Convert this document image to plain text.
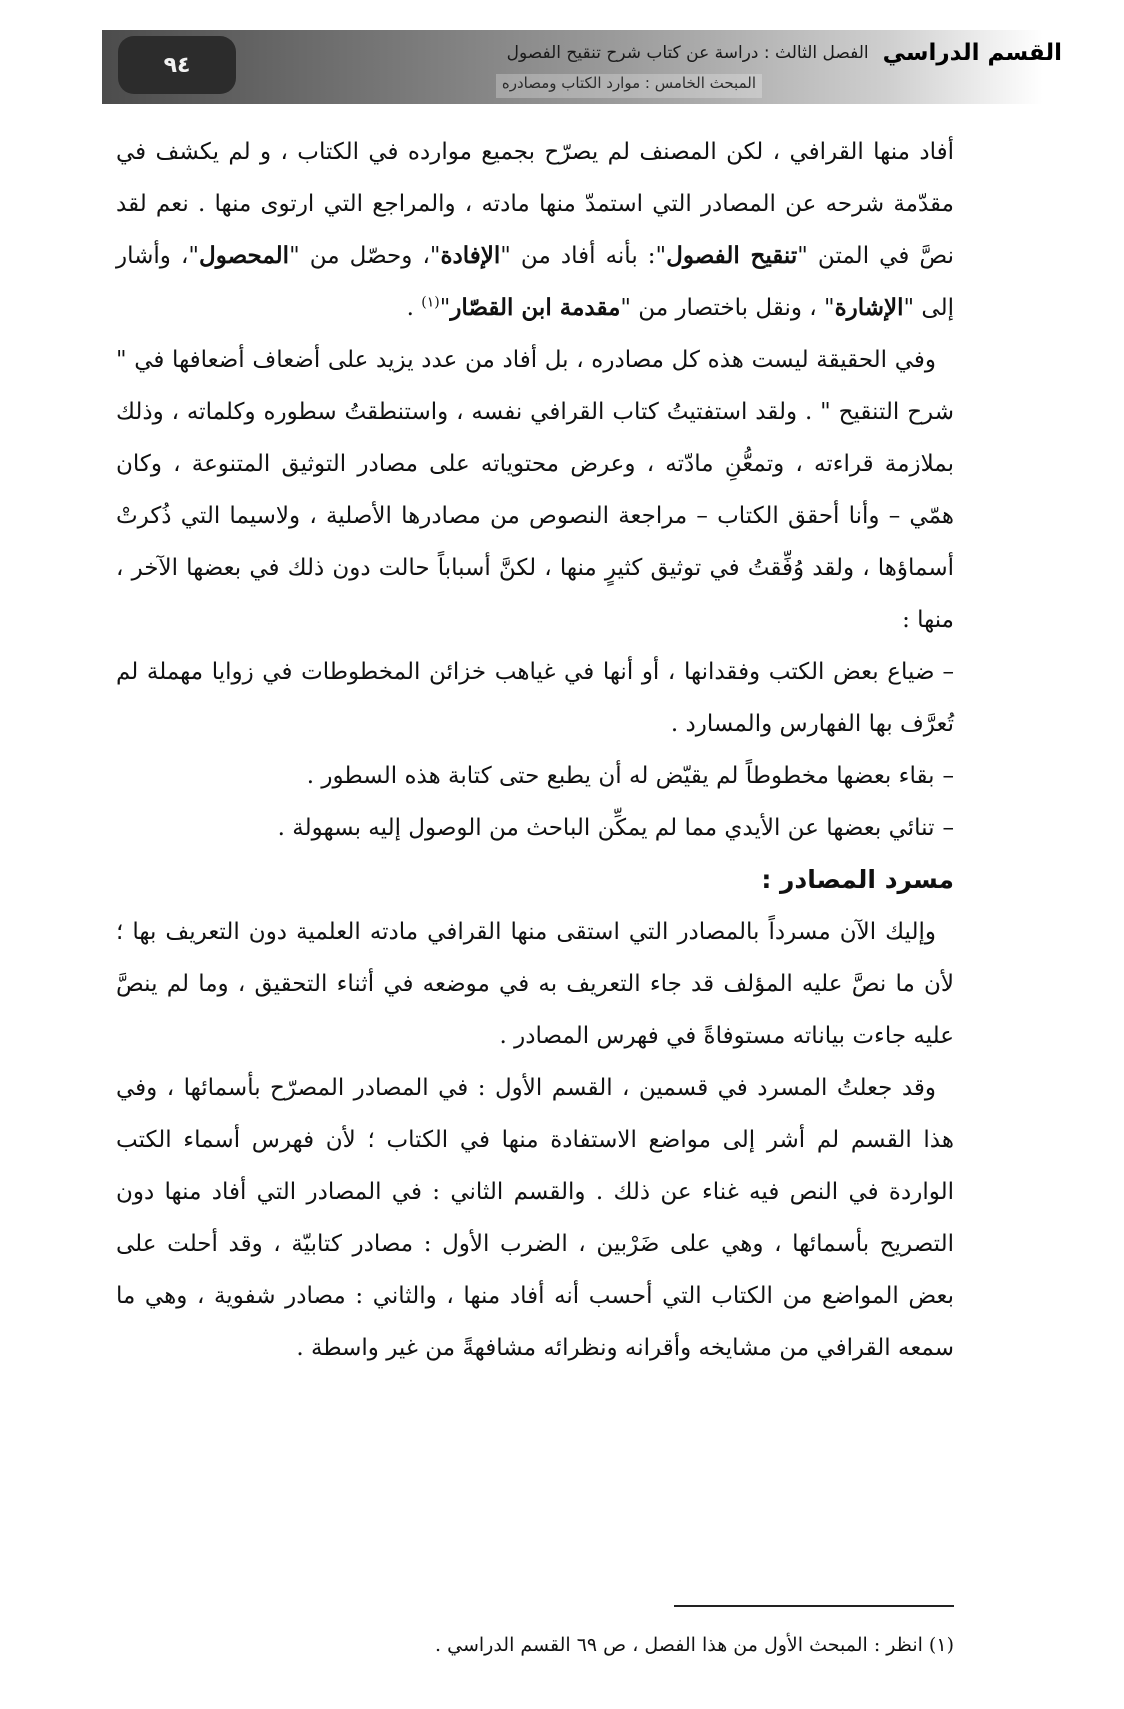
القسم الدراسي
الفصل الثالث : دراسة عن كتاب شرح تنقيح الفصول
المبحث الخامس : موارد الكتاب ومصادره
٩٤

أفاد منها القرافي ، لكن المصنف لم يصرّح بجميع موارده في الكتاب ، و لم يكشف في مقدّمة شرحه عن المصادر التي استمدّ منها مادته ، والمراجع التي ارتوى منها . نعم لقد نصَّ في المتن "تنقيح الفصول": بأنه أفاد من "الإفادة"، وحصّل من "المحصول"، وأشار إلى "الإشارة" ، ونقل باختصار من "مقدمة ابن القصّار"$^{(١)}$ .

وفي الحقيقة ليست هذه كل مصادره ، بل أفاد من عدد يزيد على أضعاف أضعافها في " شرح التنقيح " . ولقد استفتيتُ كتاب القرافي نفسه ، واستنطقتُ سطوره وكلماته ، وذلك بملازمة قراءته ، وتمعُّنِ مادّته ، وعرض محتوياته على مصادر التوثيق المتنوعة ، وكان همّي – وأنا أحقق الكتاب – مراجعة النصوص من مصادرها الأصلية ، ولاسيما التي ذُكرتْ أسماؤها ، ولقد وُفِّقتُ في توثيق كثيرٍ منها ، لكنَّ أسباباً حالت دون ذلك في بعضها الآخر ، منها :

–ضياع بعض الكتب وفقدانها ، أو أنها في غياهب خزائن المخطوطات في زوايا مهملة لم تُعرَّف بها الفهارس والمسارد .

–بقاء بعضها مخطوطاً لم يقيّض له أن يطبع حتى كتابة هذه السطور .

–تنائي بعضها عن الأيدي مما لم يمكِّن الباحث من الوصول إليه بسهولة .

مسرد المصادر :

وإليك الآن مسرداً بالمصادر التي استقى منها القرافي مادته العلمية دون التعريف بها ؛ لأن ما نصَّ عليه المؤلف قد جاء التعريف به في موضعه في أثناء التحقيق ، وما لم ينصَّ عليه جاءت بياناته مستوفاةً في فهرس المصادر .

وقد جعلتُ المسرد في قسمين ، القسم الأول : في المصادر المصرّح بأسمائها ، وفي هذا القسم لم أشر إلى مواضع الاستفادة منها في الكتاب ؛ لأن فهرس أسماء الكتب الواردة في النص فيه غناء عن ذلك . والقسم الثاني : في المصادر التي أفاد منها دون التصريح بأسمائها ، وهي على ضَرْبين ، الضرب الأول : مصادر كتابيّة ، وقد أحلت على بعض المواضع من الكتاب التي أحسب أنه أفاد منها ، والثاني : مصادر شفوية ، وهي ما سمعه القرافي من مشايخه وأقرانه ونظرائه مشافهةً من غير واسطة .

(١) انظر : المبحث الأول من هذا الفصل ، ص ٦٩ القسم الدراسي .
